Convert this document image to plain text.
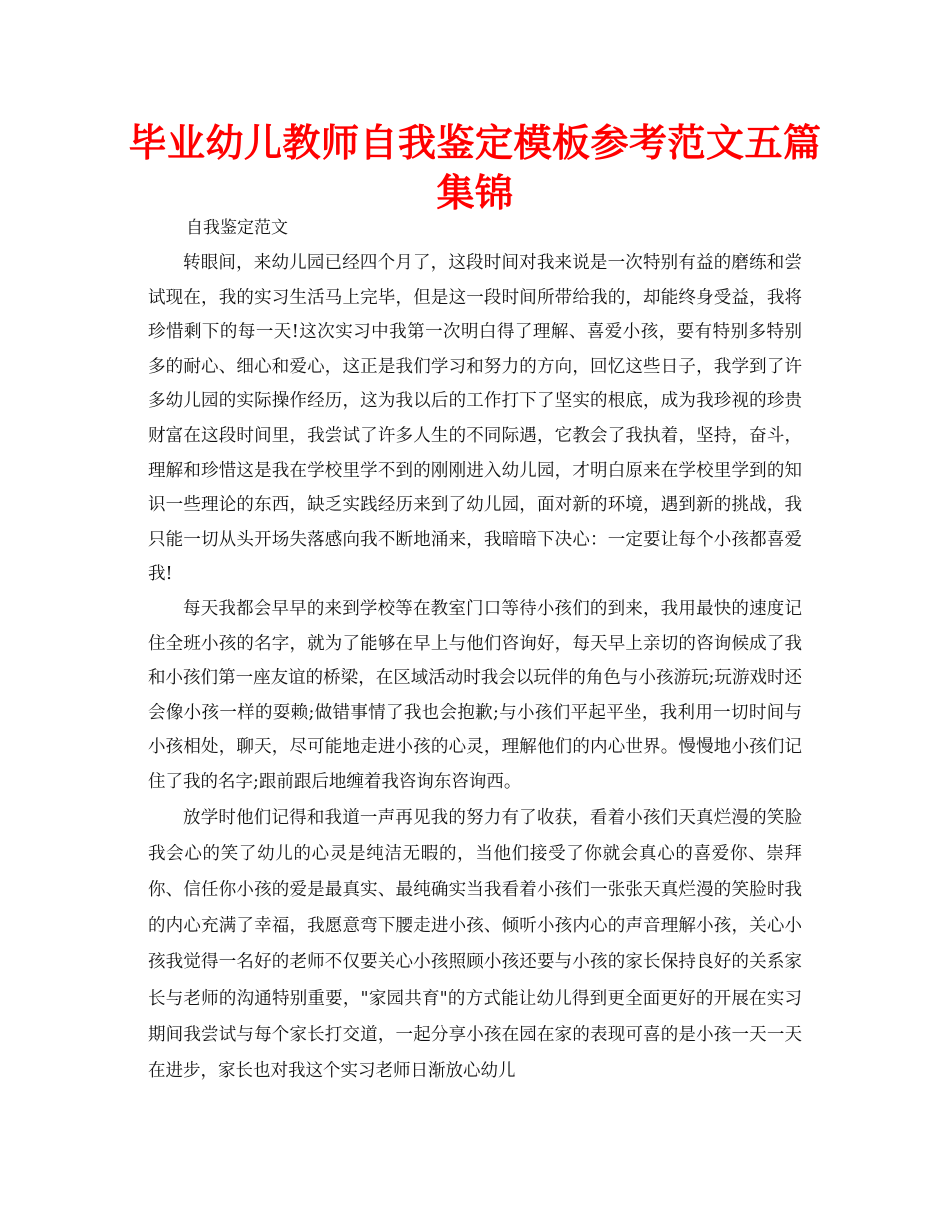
毕业幼儿教师自我鉴定模板参考范文五篇集锦

自我鉴定范文

转眼间，来幼儿园已经四个月了，这段时间对我来说是一次特别有益的磨练和尝试现在，我的实习生活马上完毕，但是这一段时间所带给我的，却能终身受益，我将珍惜剩下的每一天!这次实习中我第一次明白得了理解、喜爱小孩，要有特别多特别多的耐心、细心和爱心，这正是我们学习和努力的方向，回忆这些日子，我学到了许多幼儿园的实际操作经历，这为我以后的工作打下了坚实的根底，成为我珍视的珍贵财富在这段时间里，我尝试了许多人生的不同际遇，它教会了我执着，坚持，奋斗，理解和珍惜这是我在学校里学不到的刚刚进入幼儿园，才明白原来在学校里学到的知识一些理论的东西，缺乏实践经历来到了幼儿园，面对新的环境，遇到新的挑战，我只能一切从头开场失落感向我不断地涌来，我暗暗下决心：一定要让每个小孩都喜爱我!

每天我都会早早的来到学校等在教室门口等待小孩们的到来，我用最快的速度记住全班小孩的名字，就为了能够在早上与他们咨询好，每天早上亲切的咨询候成了我和小孩们第一座友谊的桥梁，在区域活动时我会以玩伴的角色与小孩游玩;玩游戏时还会像小孩一样的耍赖;做错事情了我也会抱歉;与小孩们平起平坐，我利用一切时间与小孩相处，聊天，尽可能地走进小孩的心灵，理解他们的内心世界。慢慢地小孩们记住了我的名字;跟前跟后地缠着我咨询东咨询西。

放学时他们记得和我道一声再见我的努力有了收获，看着小孩们天真烂漫的笑脸我会心的笑了幼儿的心灵是纯洁无暇的，当他们接受了你就会真心的喜爱你、崇拜你、信任你小孩的爱是最真实、最纯确实当我看着小孩们一张张天真烂漫的笑脸时我的内心充满了幸福，我愿意弯下腰走进小孩、倾听小孩内心的声音理解小孩，关心小孩我觉得一名好的老师不仅要关心小孩照顾小孩还要与小孩的家长保持良好的关系家长与老师的沟通特别重要，"家园共育"的方式能让幼儿得到更全面更好的开展在实习期间我尝试与每个家长打交道，一起分享小孩在园在家的表现可喜的是小孩一天一天在进步，家长也对我这个实习老师日渐放心幼儿
